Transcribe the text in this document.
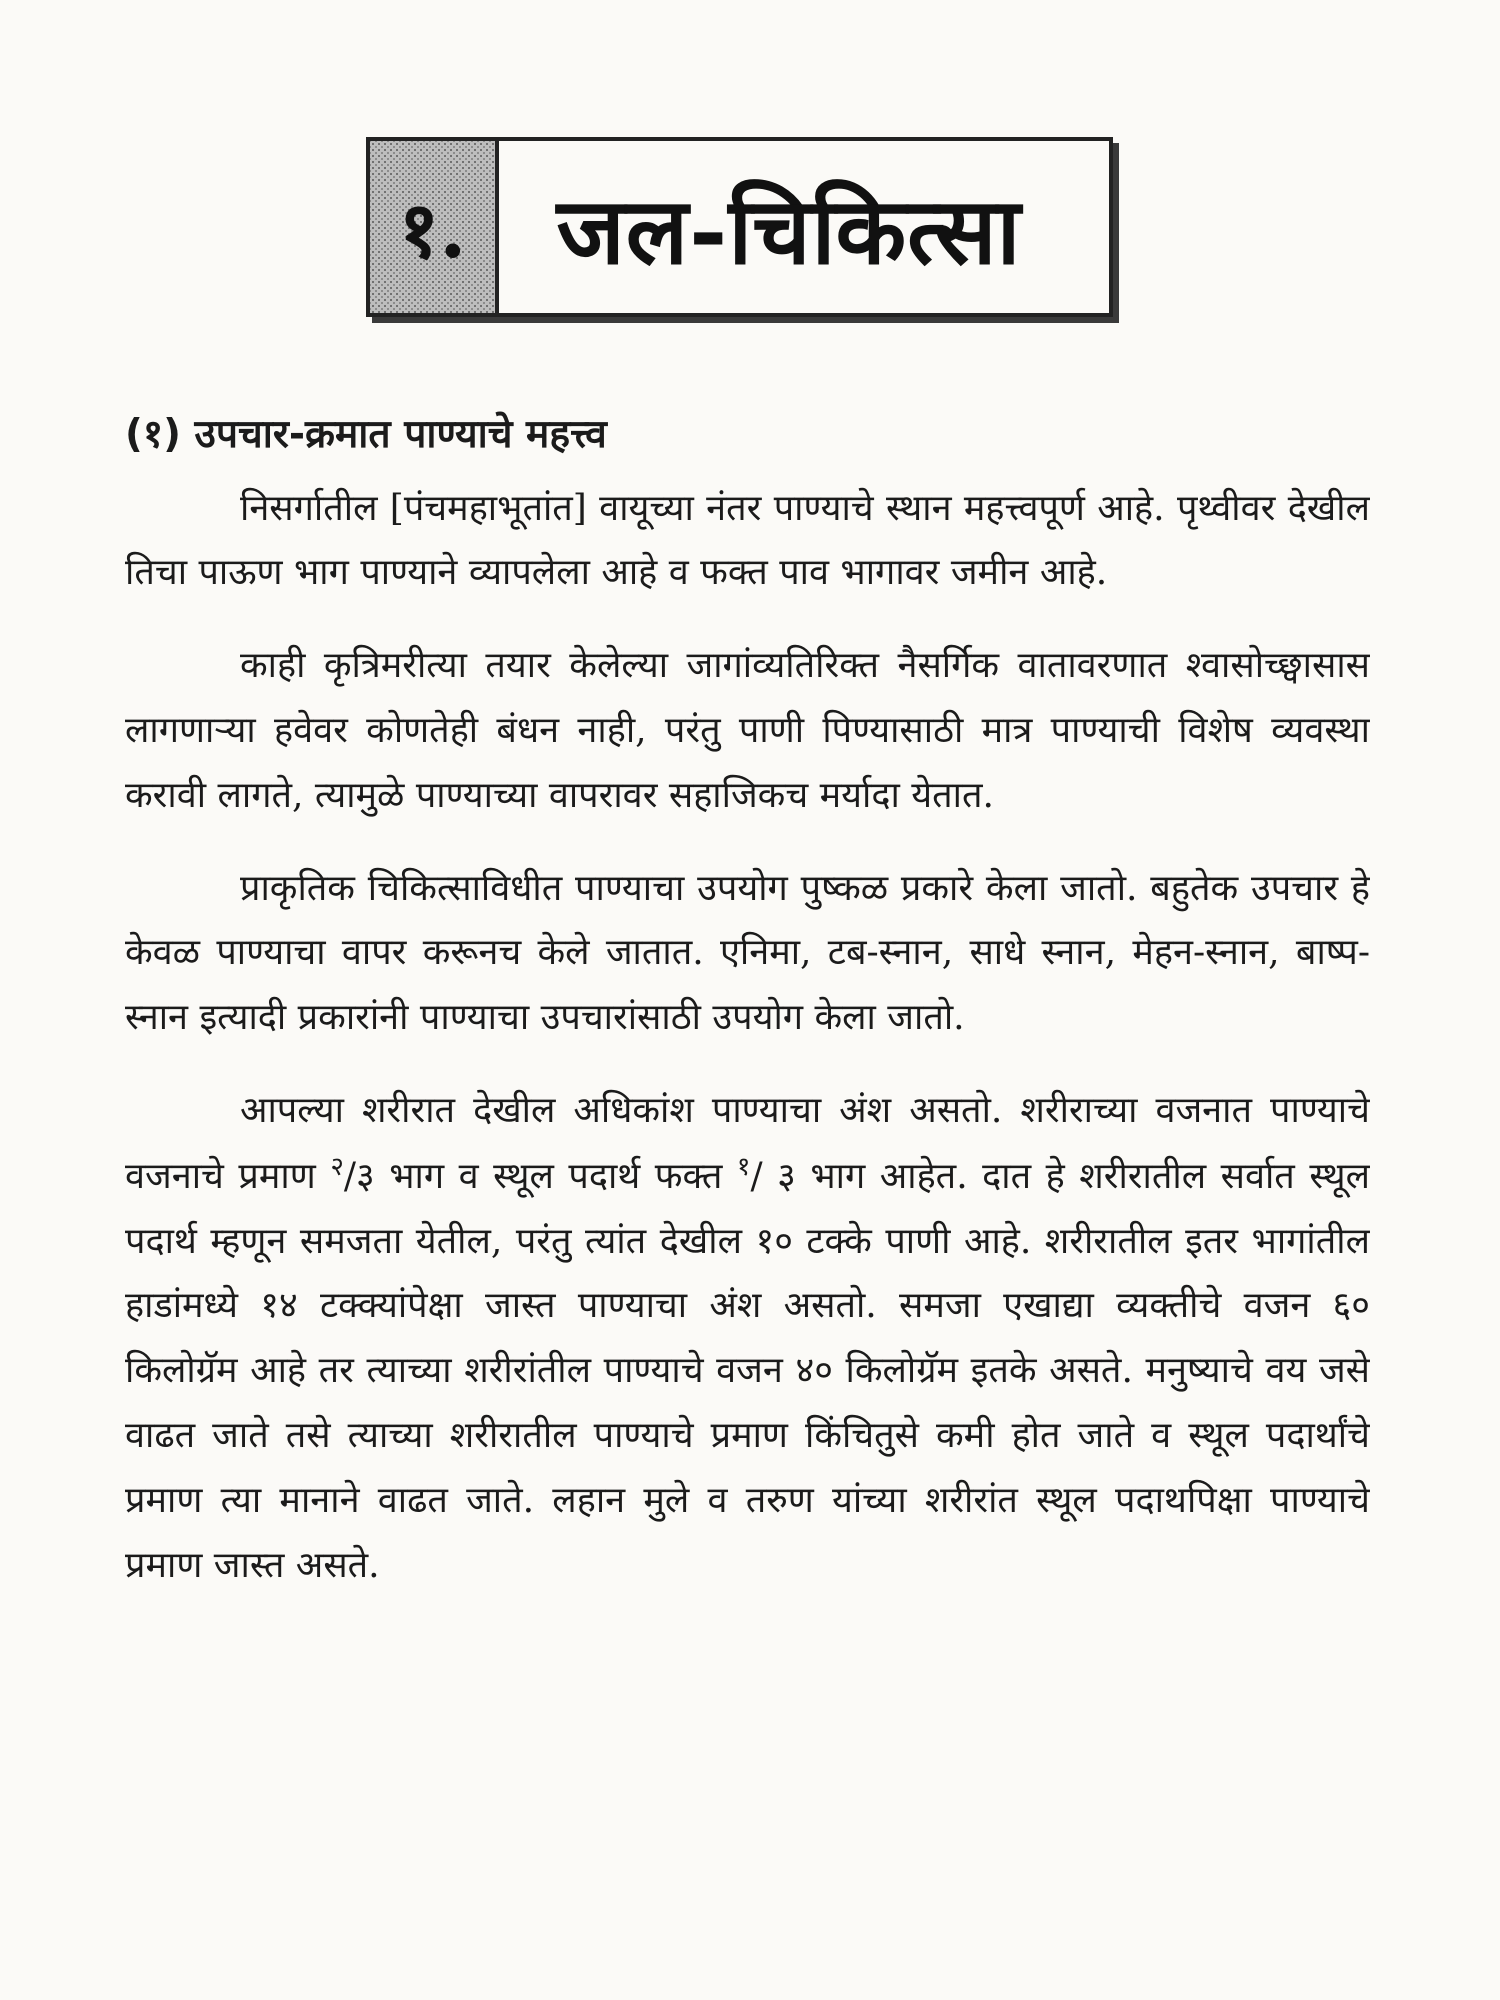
१. जल-चिकित्सा
(१) उपचार-क्रमात पाण्याचे महत्त्व

निसर्गातील [पंचमहाभूतांत] वायूच्या नंतर पाण्याचे स्थान महत्त्वपूर्ण आहे. पृथ्वीवर देखील तिचा पाऊण भाग पाण्याने व्यापलेला आहे व फक्त पाव भागावर जमीन आहे.

काही कृत्रिमरीत्या तयार केलेल्या जागांव्यतिरिक्त नैसर्गिक वातावरणात श्वासोच्छ्वासास लागणाऱ्या हवेवर कोणतेही बंधन नाही, परंतु पाणी पिण्यासाठी मात्र पाण्याची विशेष व्यवस्था करावी लागते, त्यामुळे पाण्याच्या वापरावर सहाजिकच मर्यादा येतात.

प्राकृतिक चिकित्साविधीत पाण्याचा उपयोग पुष्कळ प्रकारे केला जातो. बहुतेक उपचार हे केवळ पाण्याचा वापर करूनच केले जातात. एनिमा, टब-स्नान, साधे स्नान, मेहन-स्नान, बाष्प-स्नान इत्यादी प्रकारांनी पाण्याचा उपचारांसाठी उपयोग केला जातो.

आपल्या शरीरात देखील अधिकांश पाण्याचा अंश असतो. शरीराच्या वजनात पाण्याचे वजनाचे प्रमाण $^२$/३ भाग व स्थूल पदार्थ फक्त $^१$/ ३ भाग आहेत. दात हे शरीरातील सर्वात स्थूल पदार्थ म्हणून समजता येतील, परंतु त्यांत देखील १० टक्के पाणी आहे. शरीरातील इतर भागांतील हाडांमध्ये १४ टक्क्यांपेक्षा जास्त पाण्याचा अंश असतो. समजा एखाद्या व्यक्तीचे वजन ६० किलोग्रॅम आहे तर त्याच्या शरीरांतील पाण्याचे वजन ४० किलोग्रॅम इतके असते. मनुष्याचे वय जसे वाढत जाते तसे त्याच्या शरीरातील पाण्याचे प्रमाण किंचितुसे कमी होत जाते व स्थूल पदार्थांचे प्रमाण त्या मानाने वाढत जाते. लहान मुले व तरुण यांच्या शरीरांत स्थूल पदाथपिक्षा पाण्याचे प्रमाण जास्त असते.
